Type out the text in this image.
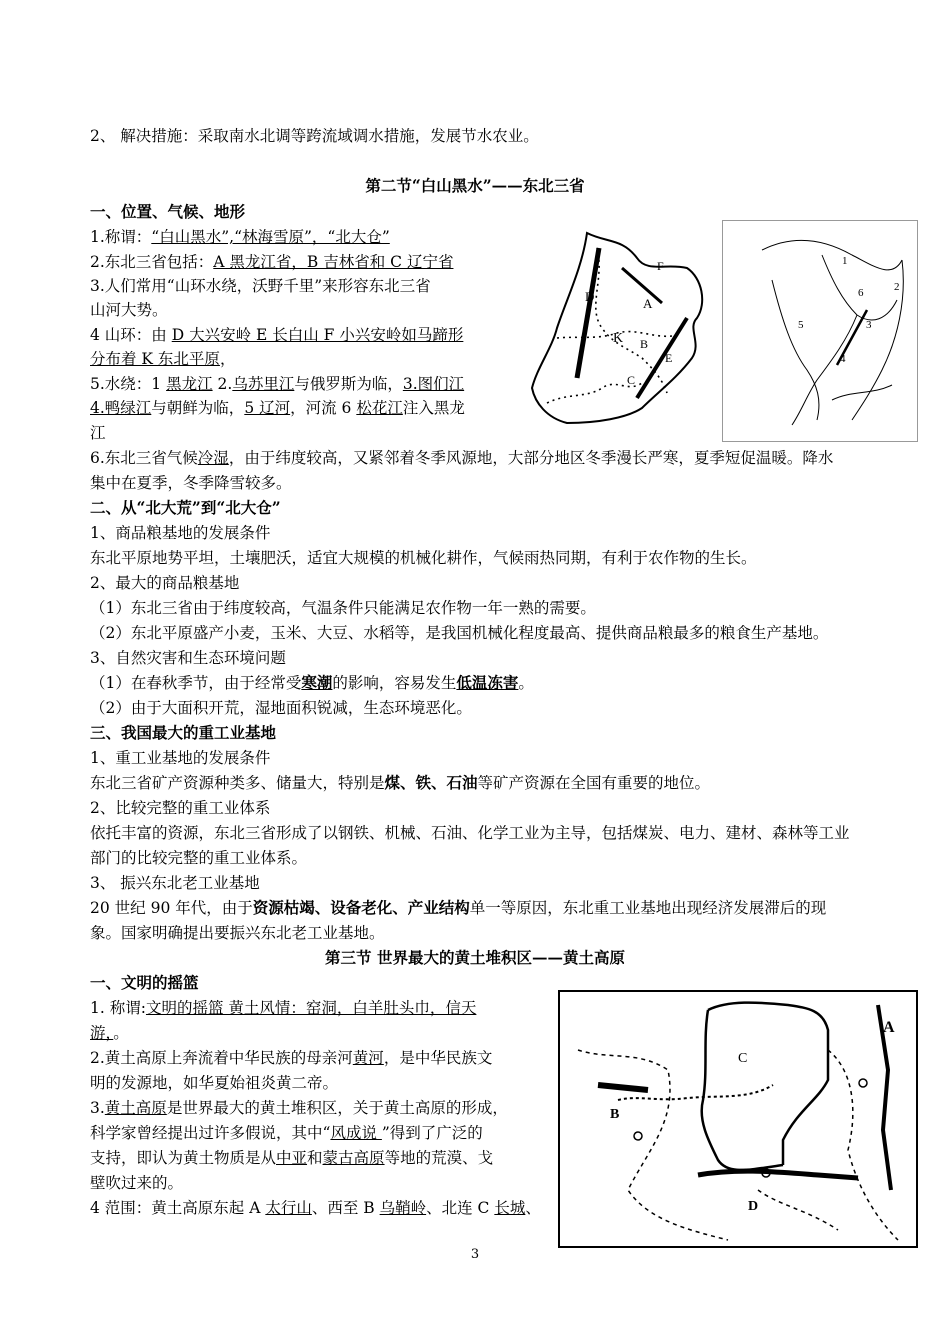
2、 解决措施：采取南水北调等跨流域调水措施，发展节水农业。
第二节“白山黑水”——东北三省
一、位置、气候、地形
1.称谓：“白山黑水”,“林海雪原”，“北大仓”
2.东北三省包括：A 黑龙江省，B 吉林省和 C 辽宁省
3.人们常用“山环水绕，沃野千里”来形容东北三省
山河大势。
4 山环：由 D 大兴安岭 E 长白山 F 小兴安岭如马蹄形
分布着 K 东北平原，
5.水绕：1 黑龙江 2.乌苏里江与俄罗斯为临，3.图们江
4.鸭绿江与朝鲜为临，5 辽河，河流 6 松花江注入黑龙
江
6.东北三省气候冷湿，由于纬度较高，又紧邻着冬季风源地，大部分地区冬季漫长严寒，夏季短促温暖。降水
集中在夏季，冬季降雪较多。
二、从“北大荒”到“北大仓”
1、商品粮基地的发展条件
东北平原地势平坦，土壤肥沃，适宜大规模的机械化耕作，气候雨热同期，有利于农作物的生长。
2、最大的商品粮基地
（1）东北三省由于纬度较高，气温条件只能满足农作物一年一熟的需要。
（2）东北平原盛产小麦，玉米、大豆、水稻等，是我国机械化程度最高、提供商品粮最多的粮食生产基地。
3、自然灾害和生态环境问题
（1）在春秋季节，由于经常受寒潮的影响，容易发生低温冻害。
（2）由于大面积开荒，湿地面积锐减，生态环境恶化。
三、我国最大的重工业基地
1、重工业基地的发展条件
东北三省矿产资源种类多、储量大，特别是煤、铁、石油等矿产资源在全国有重要的地位。
2、比较完整的重工业体系
依托丰富的资源，东北三省形成了以钢铁、机械、石油、化学工业为主导，包括煤炭、电力、建材、森林等工业
部门的比较完整的重工业体系。
3、 振兴东北老工业基地
20 世纪 90 年代，由于资源枯竭、设备老化、产业结构单一等原因，东北重工业基地出现经济发展滞后的现
象。国家明确提出要振兴东北老工业基地。
第三节 世界最大的黄土堆积区——黄土高原
一、文明的摇篮
1. 称谓:文明的摇篮 黄土风情：窑洞，白羊肚头巾，信天
游，。
2.黄土高原上奔流着中华民族的母亲河黄河，是中华民族文
明的发源地，如华夏始祖炎黄二帝。
3.黄土高原是世界最大的黄土堆积区，关于黄土高原的形成，
科学家曾经提出过许多假说，其中“风成说 ”得到了广泛的
支持，即认为黄土物质是从中亚和蒙古高原等地的荒漠、戈
壁吹过来的。
4 范围：黄土高原东起 A 太行山、西至 B 乌鞘岭、北连 C 长城、
D
F
A
K B
E
C
1
2
3
4
5
6
A
B
C
D
3
